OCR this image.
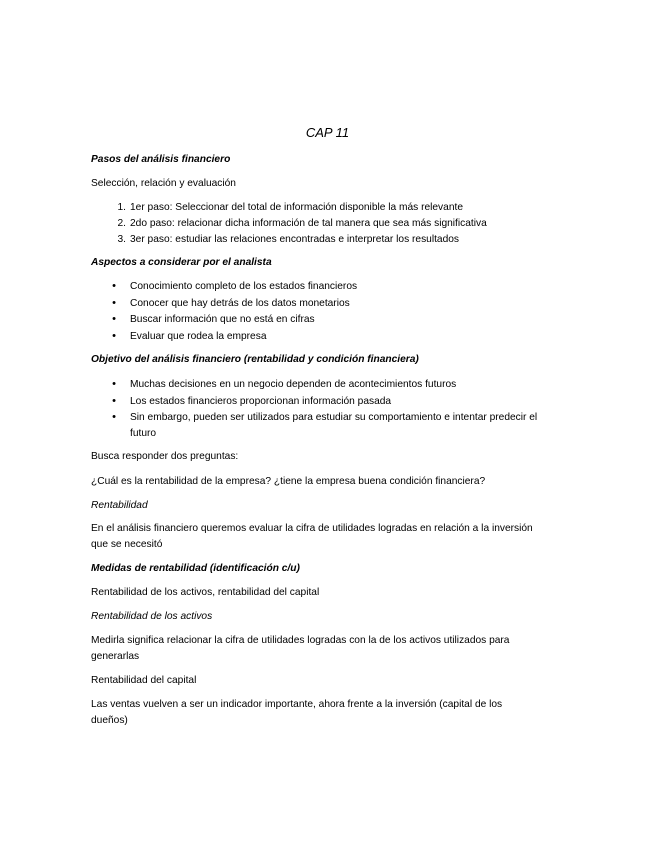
CAP 11
Pasos del análisis financiero
Selección, relación y evaluación
1. 1er paso: Seleccionar del total de información disponible la más relevante
2. 2do paso: relacionar dicha información de tal manera que sea más significativa
3. 3er paso: estudiar las relaciones encontradas e interpretar los resultados
Aspectos a considerar por el analista
•	Conocimiento completo de los estados financieros
•	Conocer que hay detrás de los datos monetarios
•	Buscar información que no está en cifras
•	Evaluar que rodea la empresa
Objetivo del análisis financiero (rentabilidad y condición financiera)
•	Muchas decisiones en un negocio dependen de acontecimientos futuros
•	Los estados financieros proporcionan información pasada
•	Sin embargo, pueden ser utilizados para estudiar su comportamiento e intentar predecir el
futuro
Busca responder dos preguntas:
¿Cuál es la rentabilidad de la empresa? ¿tiene la empresa buena condición financiera?
Rentabilidad
En el análisis financiero queremos evaluar la cifra de utilidades logradas en relación a la inversión
que se necesitó
Medidas de rentabilidad (identificación c/u)
Rentabilidad de los activos, rentabilidad del capital
Rentabilidad de los activos
Medirla significa relacionar la cifra de utilidades logradas con la de los activos utilizados para
generarlas
Rentabilidad del capital
Las ventas vuelven a ser un indicador importante, ahora frente a la inversión (capital de los
dueños)
